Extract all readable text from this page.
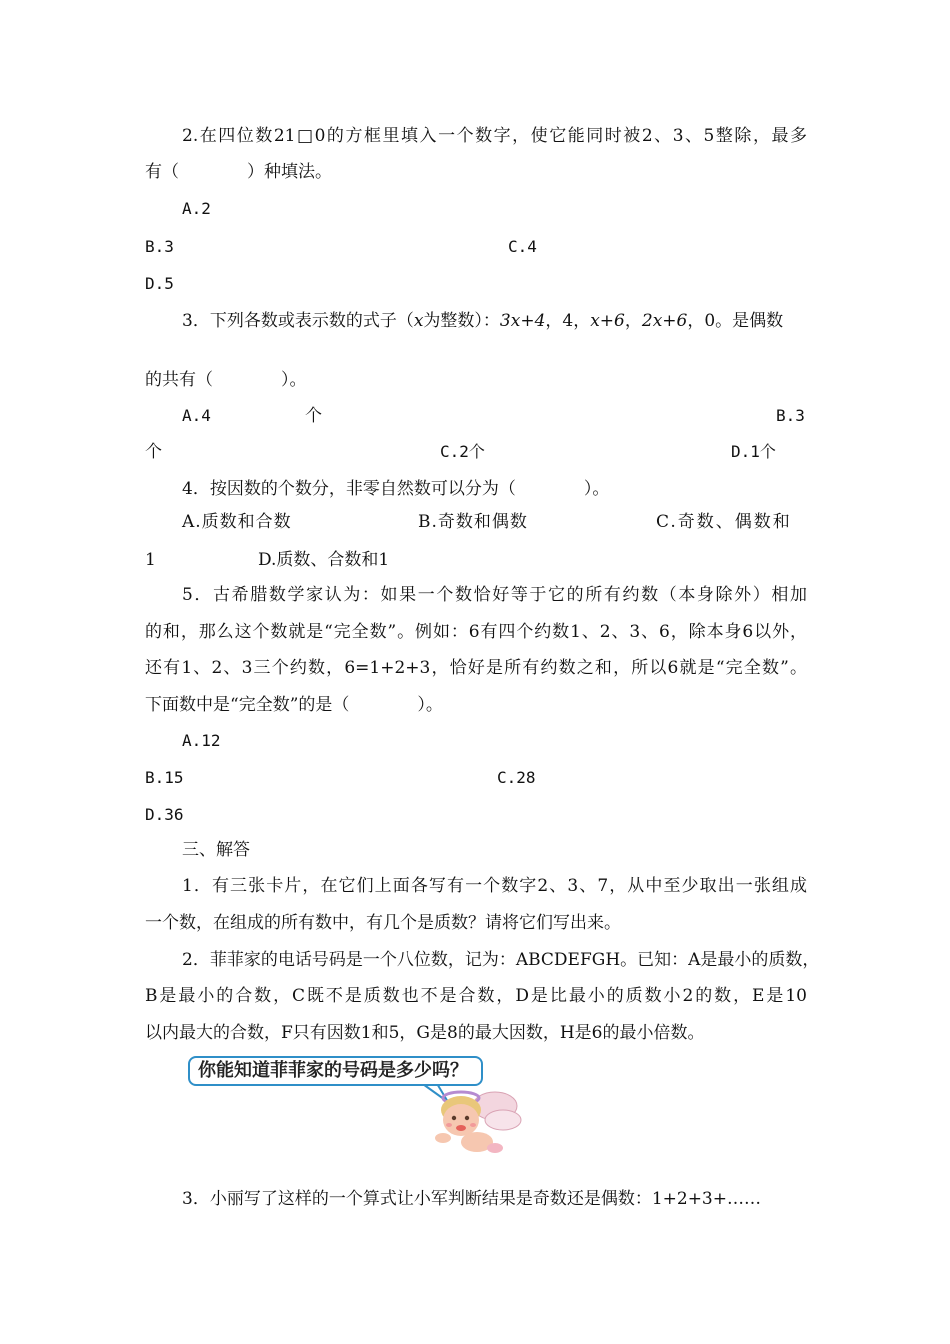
2.在四位数21□0的方框里填入一个数字，使它能同时被2、3、5整除，最多
有（　　　　）种填法。
A.2
B.3	C.4
D.5
3．下列各数或表示数的式子（x为整数）：3x+4，4，x+6，2x+6，0。是偶数
的共有（　　　　）。
A.4	个	B.3
个	C.2个	D.1个
4．按因数的个数分，非零自然数可以分为（　　　　）。
A.质数和合数	B.奇数和偶数	C.奇数、偶数和
1	D.质数、合数和1
5．古希腊数学家认为：如果一个数恰好等于它的所有约数（本身除外）相加
的和，那么这个数就是“完全数”。例如：6有四个约数1、2、3、6，除本身6以外，
还有1、2、3三个约数，6=1+2+3，恰好是所有约数之和，所以6就是“完全数”。
下面数中是“完全数”的是（　　　　）。
A.12
B.15	C.28
D.36
三、解答
1．有三张卡片，在它们上面各写有一个数字2、3、7，从中至少取出一张组成
一个数，在组成的所有数中，有几个是质数？请将它们写出来。
2．菲菲家的电话号码是一个八位数，记为：ABCDEFGH。已知：A是最小的质数，
B是最小的合数，C既不是质数也不是合数，D是比最小的质数小2的数，E是10
以内最大的合数，F只有因数1和5，G是8的最大因数，H是6的最小倍数。
你能知道菲菲家的号码是多少吗？
3．小丽写了这样的一个算式让小军判断结果是奇数还是偶数：1+2+3+……
